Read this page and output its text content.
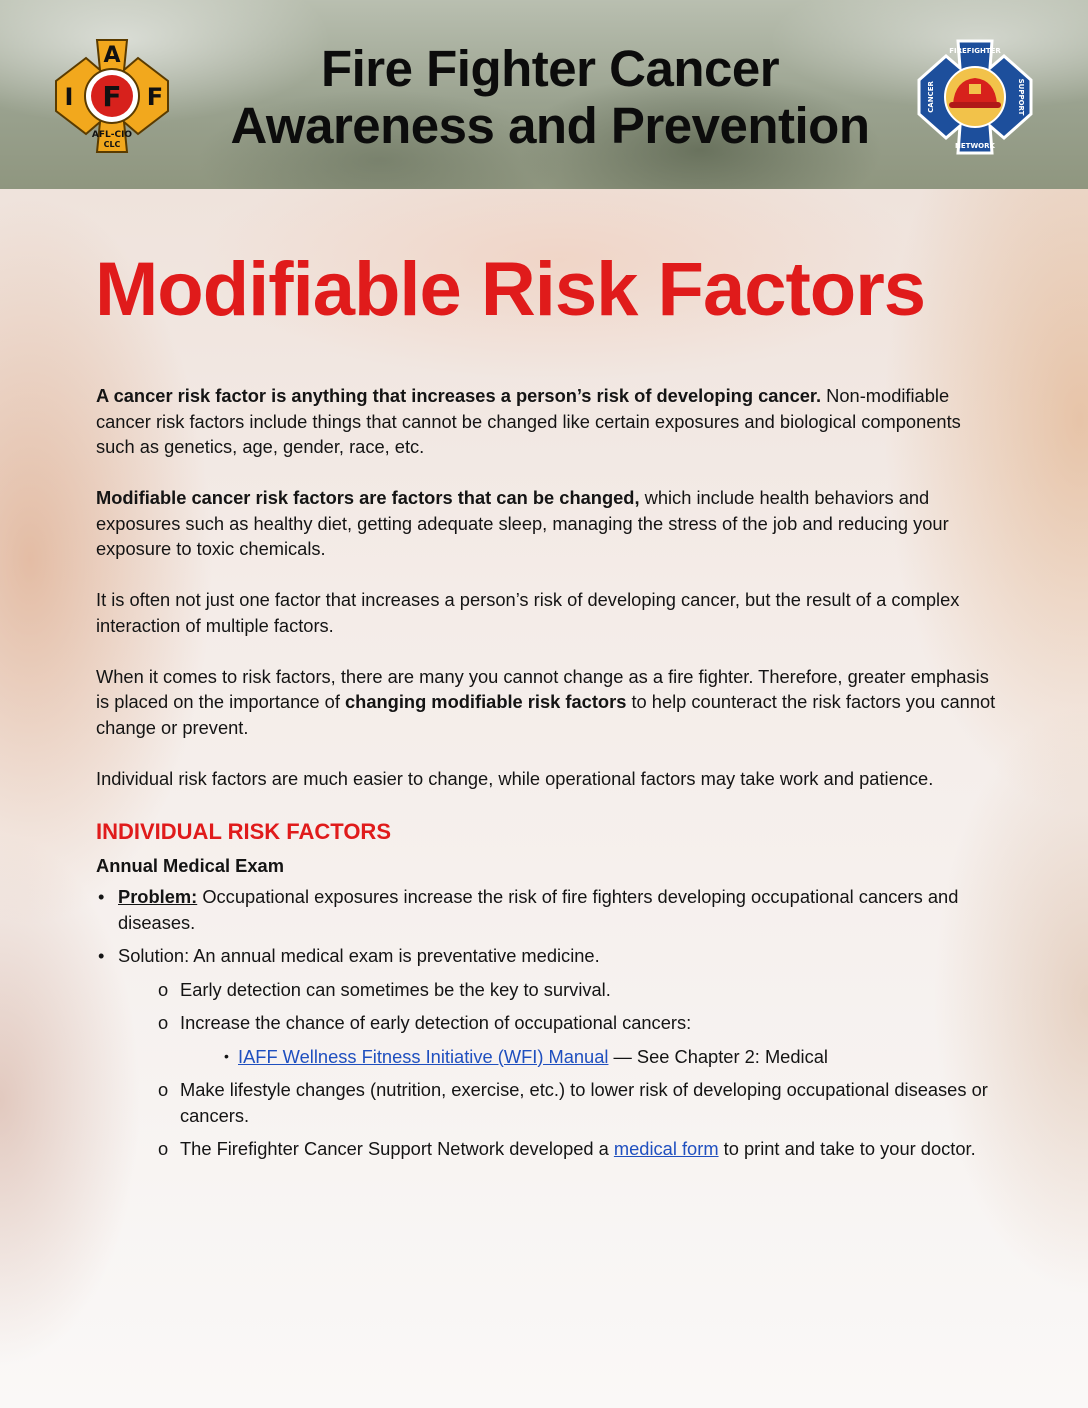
F
A
I	F
AFL-CIO
CLC
Fire Fighter Cancer
Awareness and Prevention
FIREFIGHTER
NETWORK
CANCER	SUPPORT
Modifiable Risk Factors

A cancer risk factor is anything that increases a person’s risk of developing cancer. Non-modifiable cancer risk factors include things that cannot be changed like certain exposures and biological components such as genetics, age, gender, race, etc.

Modifiable cancer risk factors are factors that can be changed, which include health behaviors and exposures such as healthy diet, getting adequate sleep, managing the stress of the job and reducing your exposure to toxic chemicals.

It is often not just one factor that increases a person’s risk of developing cancer, but the result of a complex interaction of multiple factors.

When it comes to risk factors, there are many you cannot change as a fire fighter. Therefore, greater emphasis is placed on the importance of changing modifiable risk factors to help counteract the risk factors you cannot change or prevent.

Individual risk factors are much easier to change, while operational factors may take work and patience.

INDIVIDUAL RISK FACTORS
Annual Medical Exam
• Problem: Occupational exposures increase the risk of fire fighters developing occupational cancers and diseases.
• Solution: An annual medical exam is preventative medicine.
o Early detection can sometimes be the key to survival.
o Increase the chance of early detection of occupational cancers:
• IAFF Wellness Fitness Initiative (WFI) Manual — See Chapter 2: Medical
o Make lifestyle changes (nutrition, exercise, etc.) to lower risk of developing occupational diseases or cancers.
o The Firefighter Cancer Support Network developed a medical form to print and take to your doctor.
